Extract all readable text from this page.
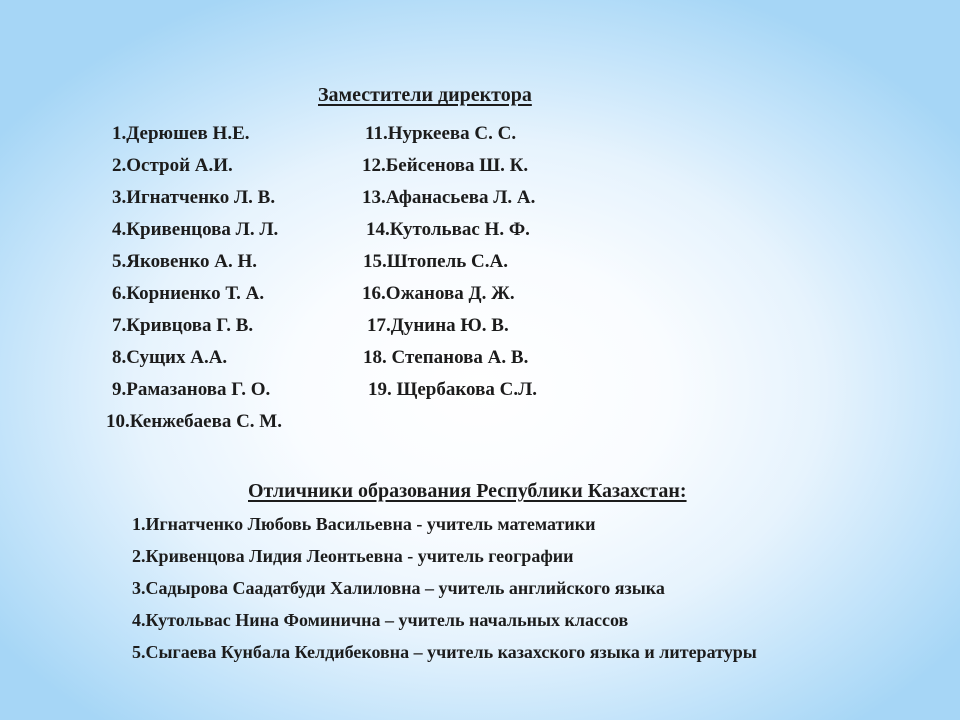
Заместители директора
1.Дерюшев Н.Е.
2.Острой А.И.
3.Игнатченко Л. В.
4.Кривенцова Л. Л.
5.Яковенко А. Н.
6.Корниенко Т. А.
7.Кривцова Г. В.
8.Сущих А.А.
9.Рамазанова Г. О.
10.Кенжебаева С. М.
11.Нуркеева С. С.
12.Бейсенова Ш. К.
13.Афанасьева Л. А.
14.Кутольвас Н. Ф.
15.Штопель С.А.
16.Ожанова Д. Ж.
17.Дунина Ю. В.
18. Степанова А. В.
19. Щербакова С.Л.
Отличники образования Республики Казахстан:
1.Игнатченко Любовь Васильевна - учитель математики
2.Кривенцова Лидия Леонтьевна - учитель географии
3.Садырова Саадатбуди Халиловна – учитель английского языка
4.Кутольвас Нина Фоминична – учитель начальных классов
5.Сыгаева Кунбала Келдибековна – учитель казахского языка и литературы
